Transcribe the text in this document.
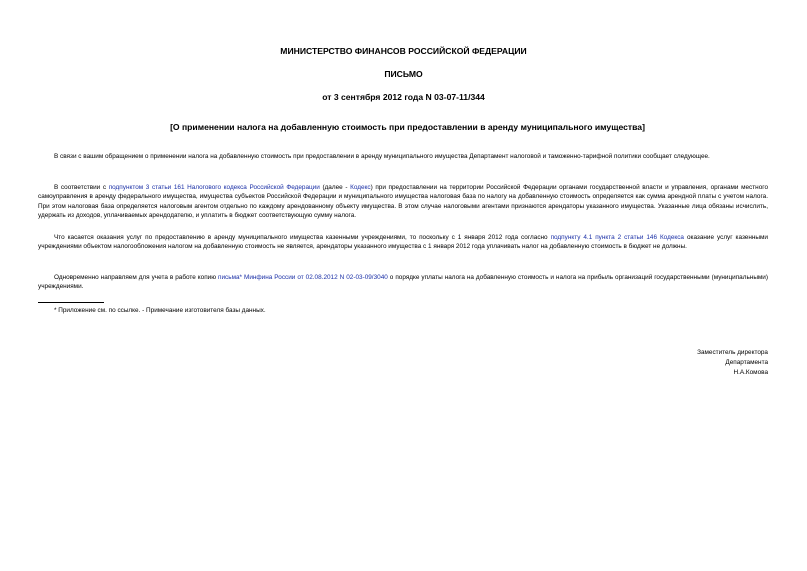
МИНИСТЕРСТВО ФИНАНСОВ РОССИЙСКОЙ ФЕДЕРАЦИИ
ПИСЬМО
от 3 сентября 2012 года N 03-07-11/344
[О применении налога на добавленную стоимость при предоставлении в аренду муниципального имущества]

В связи с вашим обращением о применении налога на добавленную стоимость при предоставлении в аренду муниципального имущества Департамент налоговой и таможенно-тарифной политики сообщает следующее.

В соответствии с подпунктом 3 статьи 161 Налогового кодекса Российской Федерации (далее - Кодекс) при предоставлении на территории Российской Федерации органами государственной власти и управления, органами местного самоуправления в аренду федерального имущества, имущества субъектов Российской Федерации и муниципального имущества налоговая база по налогу на добавленную стоимость определяется как сумма арендной платы с учетом налога. При этом налоговая база определяется налоговым агентом отдельно по каждому арендованному объекту имущества. В этом случае налоговыми агентами признаются арендаторы указанного имущества. Указанные лица обязаны исчислить, удержать из доходов, уплачиваемых арендодателю, и уплатить в бюджет соответствующую сумму налога.

Что касается оказания услуг по предоставлению в аренду муниципального имущества казенными учреждениями, то поскольку с 1 января 2012 года согласно подпункту 4.1 пункта 2 статьи 146 Кодекса оказание услуг казенными учреждениями объектом налогообложения налогом на добавленную стоимость не является, арендаторы указанного имущества с 1 января 2012 года уплачивать налог на добавленную стоимость в бюджет не должны.

Одновременно направляем для учета в работе копию письма* Минфина России от 02.08.2012 N 02-03-09/3040 о порядке уплаты налога на добавленную стоимость и налога на прибыль организаций государственными (муниципальными) учреждениями.

* Приложение см. по ссылке. - Примечание изготовителя базы данных.
Заместитель директора
Департамента
Н.А.Комова
